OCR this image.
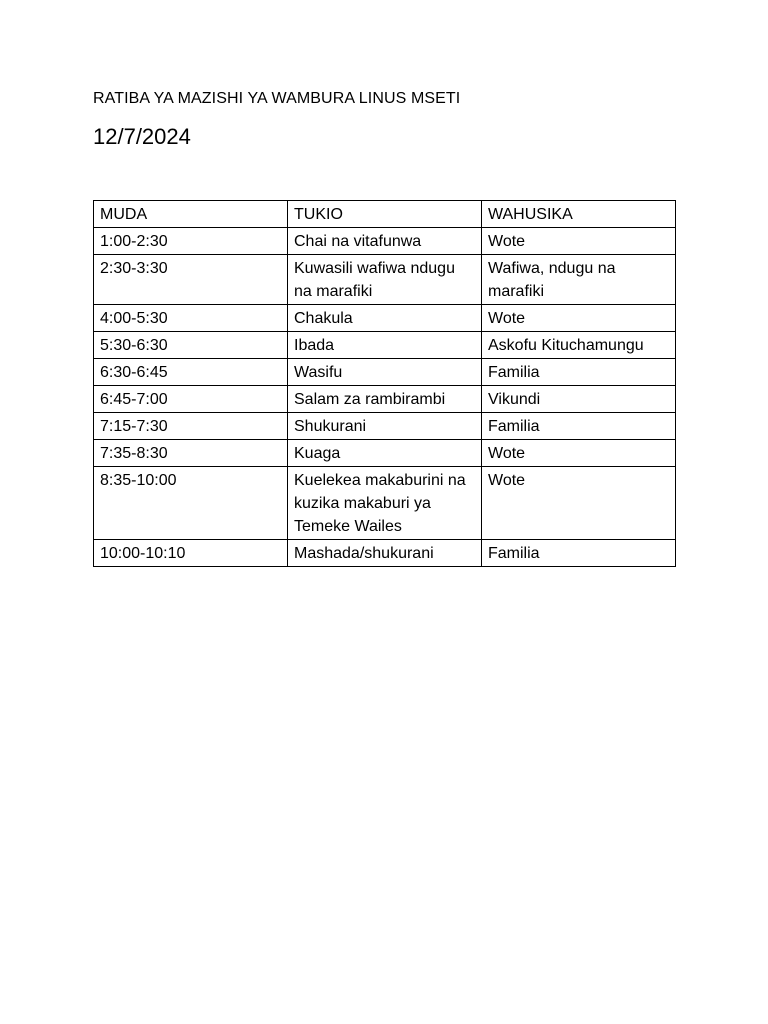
RATIBA YA MAZISHI YA WAMBURA LINUS MSETI
12/7/2024
MUDA	TUKIO	WAHUSIKA
1:00-2:30	Chai na vitafunwa	Wote
2:30-3:30	Kuwasili wafiwa ndugu na marafiki	Wafiwa, ndugu na marafiki
4:00-5:30	Chakula	Wote
5:30-6:30	Ibada	Askofu Kituchamungu
6:30-6:45	Wasifu	Familia
6:45-7:00	Salam za rambirambi	Vikundi
7:15-7:30	Shukurani	Familia
7:35-8:30	Kuaga	Wote
8:35-10:00	Kuelekea makaburini na kuzika makaburi ya Temeke Wailes	Wote
10:00-10:10	Mashada/shukurani	Familia
